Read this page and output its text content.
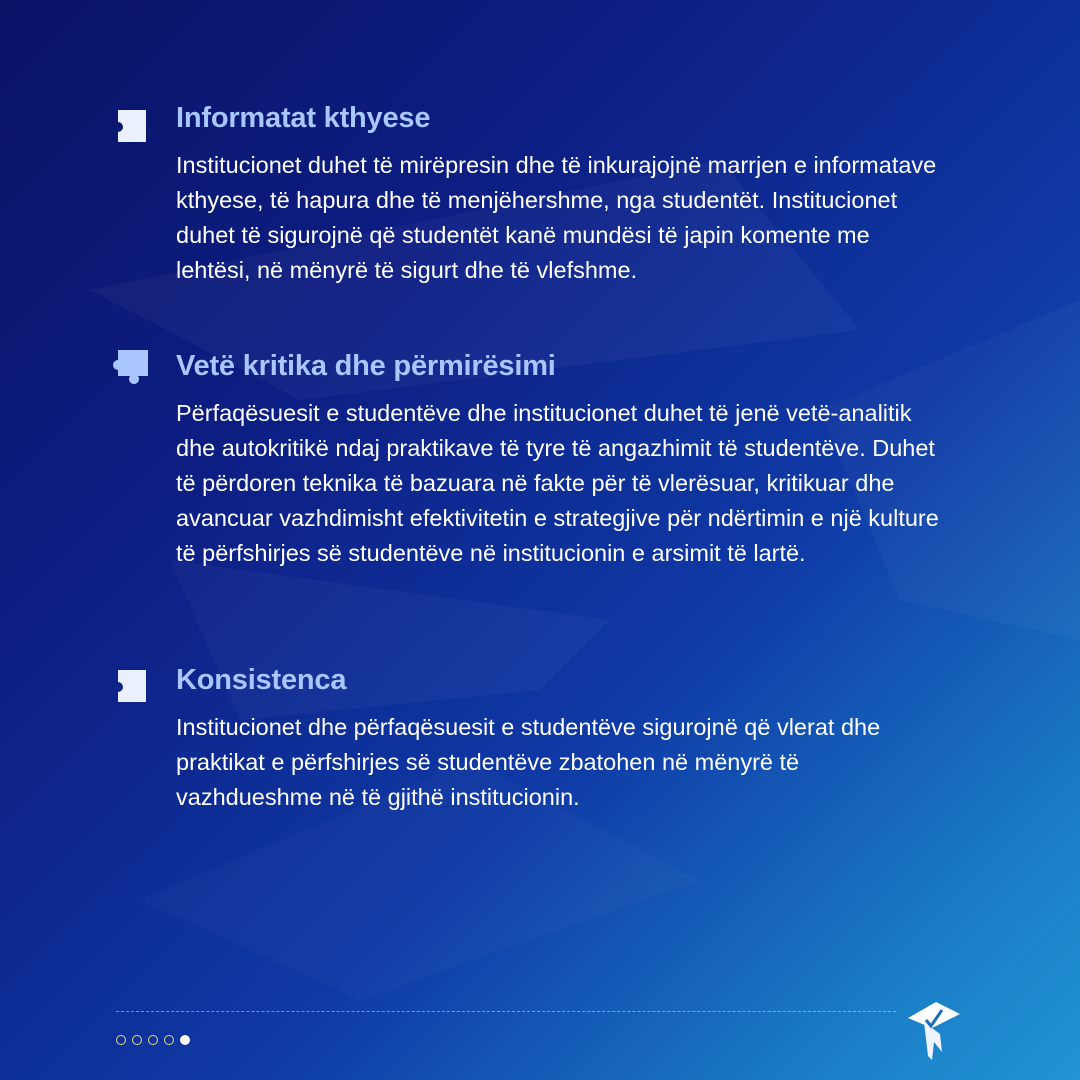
Informatat kthyese
Institucionet duhet të mirëpresin dhe të inkurajojnë marrjen e informatave kthyese, të hapura dhe të menjëhershme, nga studentët. Institucionet duhet të sigurojnë që studentët kanë mundësi të japin komente me lehtësi, në mënyrë të sigurt dhe të vlefshme.
Vetë kritika dhe përmirësimi
Përfaqësuesit e studentëve dhe institucionet duhet të jenë vetë-analitik dhe autokritikë ndaj praktikave të tyre të angazhimit të studentëve. Duhet të përdoren teknika të bazuara në fakte për të vlerësuar, kritikuar dhe avancuar vazhdimisht efektivitetin e strategjive për ndërtimin e një kulture të përfshirjes së studentëve në institucionin e arsimit të lartë.
Konsistenca
Institucionet dhe përfaqësuesit e studentëve sigurojnë që vlerat dhe praktikat e përfshirjes së studentëve zbatohen në mënyrë të vazhdueshme në të gjithë institucionin.
